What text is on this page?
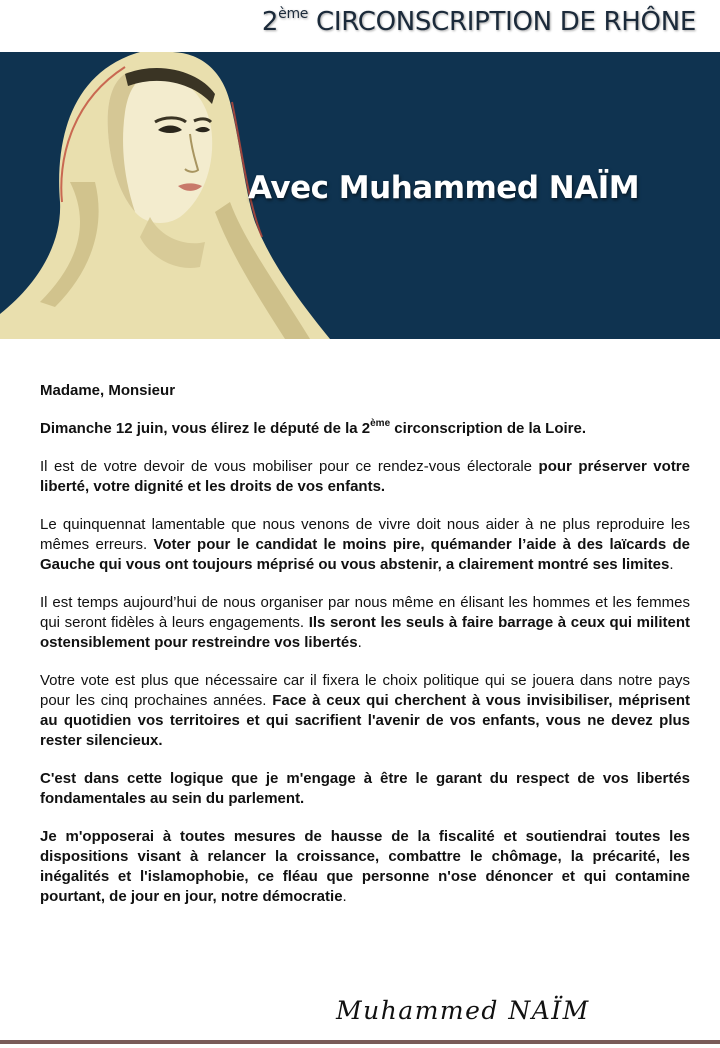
2ème CIRCONSCRIPTION DE RHÔNE
Avec Muhammed NAÏM

Madame, Monsieur

Dimanche 12 juin, vous élirez le député de la 2ème circonscription de la Loire.

Il est de votre devoir de vous mobiliser pour ce rendez-vous électorale pour préserver votre liberté, votre dignité et les droits de vos enfants.

Le quinquennat lamentable que nous venons de vivre doit nous aider à ne plus reproduire les mêmes erreurs. Voter pour le candidat le moins pire, quémander l’aide à des laïcards de Gauche qui vous ont toujours méprisé ou vous abstenir, a clairement montré ses limites.

Il est temps aujourd’hui de nous organiser par nous même en élisant les hommes et les femmes qui seront fidèles à leurs engagements. Ils seront les seuls à faire barrage à ceux qui militent ostensiblement pour restreindre vos libertés.

Votre vote est plus que nécessaire car il fixera le choix politique qui se jouera dans notre pays pour les cinq prochaines années. Face à ceux qui cherchent à vous invisibiliser, méprisent au quotidien vos territoires et qui sacrifient l'avenir de vos enfants, vous ne devez plus rester silencieux.

C'est dans cette logique que je m'engage à être le garant du respect de vos libertés fondamentales au sein du parlement.

Je m'opposerai à toutes mesures de hausse de la fiscalité et soutiendrai toutes les dispositions visant à relancer la croissance, combattre le chômage, la précarité, les inégalités et l'islamophobie, ce fléau que personne n'ose dénoncer et qui contamine pourtant, de jour en jour, notre démocratie.

Muhammed NAÏM
